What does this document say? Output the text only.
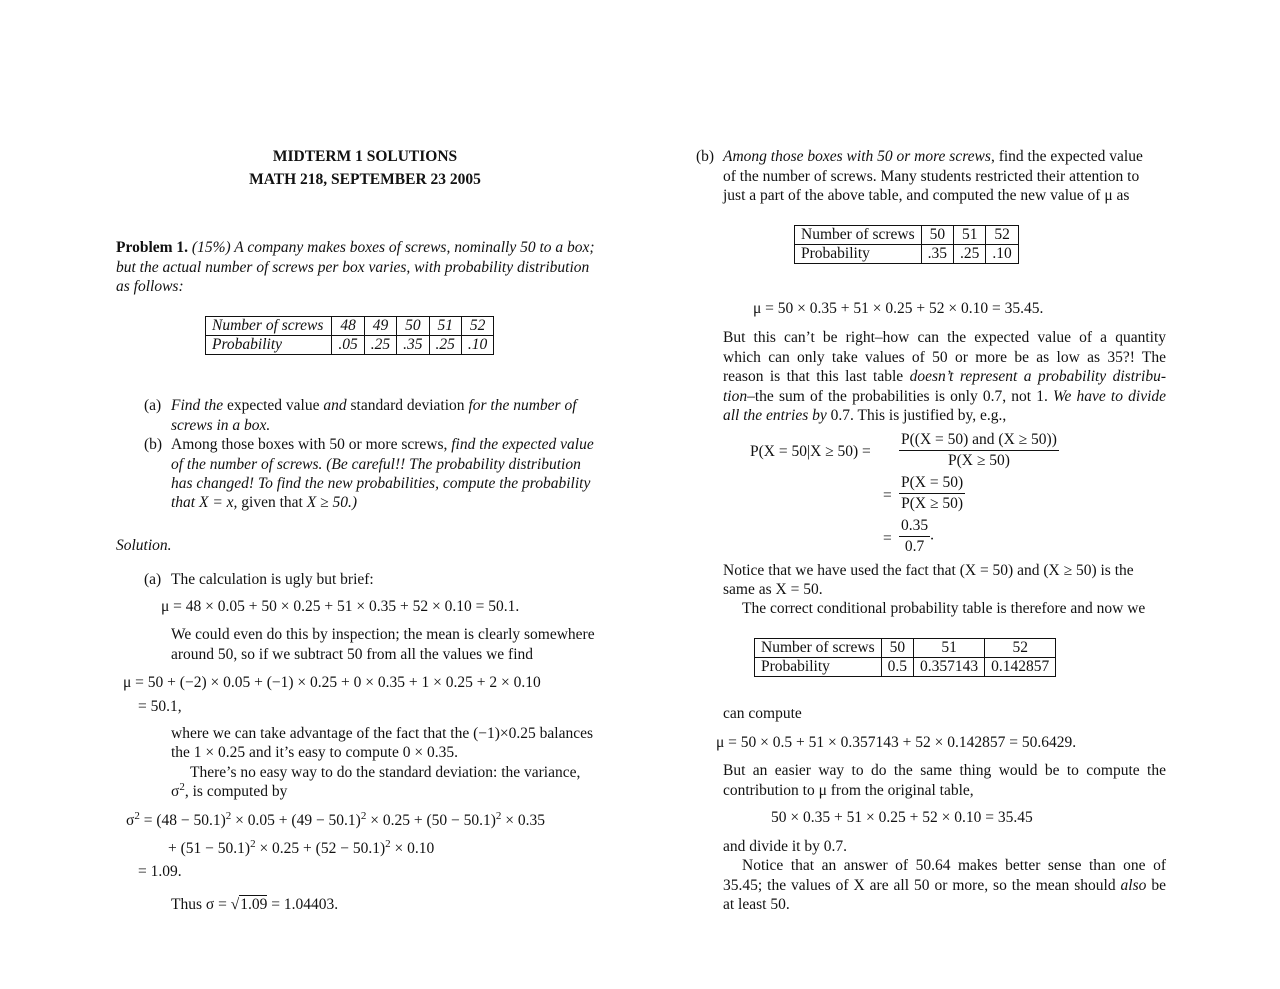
MIDTERM 1 SOLUTIONS
MATH 218, SEPTEMBER 23 2005
Problem 1. (15%) A company makes boxes of screws, nominally 50 to a box;
but the actual number of screws per box varies, with probability distribution
as follows:
Number of screws	48	49	50	51	52
Probability	.05	.25	.35	.25	.10
(a) Find the expected value and standard deviation for the number of
screws in a box.
(b) Among those boxes with 50 or more screws, find the expected value
of the number of screws. (Be careful!! The probability distribution
has changed! To find the new probabilities, compute the probability
that X = x, given that X ≥ 50.)
Solution.
(a) The calculation is ugly but brief:
μ = 48 × 0.05 + 50 × 0.25 + 51 × 0.35 + 52 × 0.10 = 50.1.
We could even do this by inspection; the mean is clearly somewhere
around 50, so if we subtract 50 from all the values we find
μ = 50 + (−2) × 0.05 + (−1) × 0.25 + 0 × 0.35 + 1 × 0.25 + 2 × 0.10
= 50.1,
where we can take advantage of the fact that the (−1)×0.25 balances
the 1 × 0.25 and it’s easy to compute 0 × 0.35.
There’s no easy way to do the standard deviation: the variance,
$\sigma^2$, is computed by
$\sigma^2 = (48 - 50.1)^2 \times 0.05 + (49 - 50.1)^2 \times 0.25 + (50 - 50.1)^2 \times 0.35$
+ $(51 - 50.1)^2 \times 0.25 + (52 - 50.1)^2 \times 0.10$
= 1.09.
Thus σ = √1.09 = 1.04403.
(b) Among those boxes with 50 or more screws, find the expected value
of the number of screws. Many students restricted their attention to
just a part of the above table, and computed the new value of μ as
Number of screws	50	51	52
Probability	.35	.25	.10
μ = 50 × 0.35 + 51 × 0.25 + 52 × 0.10 = 35.45.
But this can’t be right–how can the expected value of a quantity
which can only take values of 50 or more be as low as 35?! The
reason is that this last table doesn’t represent a probability distribu-
tion–the sum of the probabilities is only 0.7, not 1. We have to divide
all the entries by 0.7. This is justified by, e.g.,
$P(X = 50|X \ge 50) = \frac{\text{P((X = 50) and (X ≥ 50))}}{P(X \ge 50)}$
= $\frac{P(X = 50)}{P(X \ge 50)}$
= $\frac{0.35}{0.7}$ .
Notice that we have used the fact that (X = 50) and (X ≥ 50) is the
same as X = 50.
The correct conditional probability table is therefore and now we
Number of screws	50	51	52
Probability	0.5	0.357143	0.142857
can compute
μ = 50 × 0.5 + 51 × 0.357143 + 52 × 0.142857 = 50.6429.
But an easier way to do the same thing would be to compute the
contribution to μ from the original table,
50 × 0.35 + 51 × 0.25 + 52 × 0.10 = 35.45
and divide it by 0.7.
Notice that an answer of 50.64 makes better sense than one of
35.45; the values of X are all 50 or more, so the mean should also be
at least 50.
